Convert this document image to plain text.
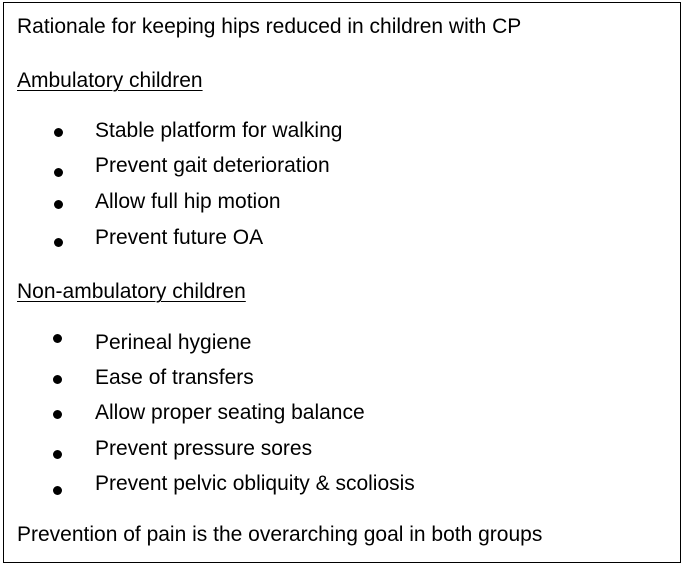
Rationale for keeping hips reduced in children with CP
Ambulatory children
Stable platform for walking
Prevent gait deterioration
Allow full hip motion
Prevent future OA
Non-ambulatory children
Perineal hygiene
Ease of transfers
Allow proper seating balance
Prevent pressure sores
Prevent pelvic obliquity & scoliosis
Prevention of pain is the overarching goal in both groups
